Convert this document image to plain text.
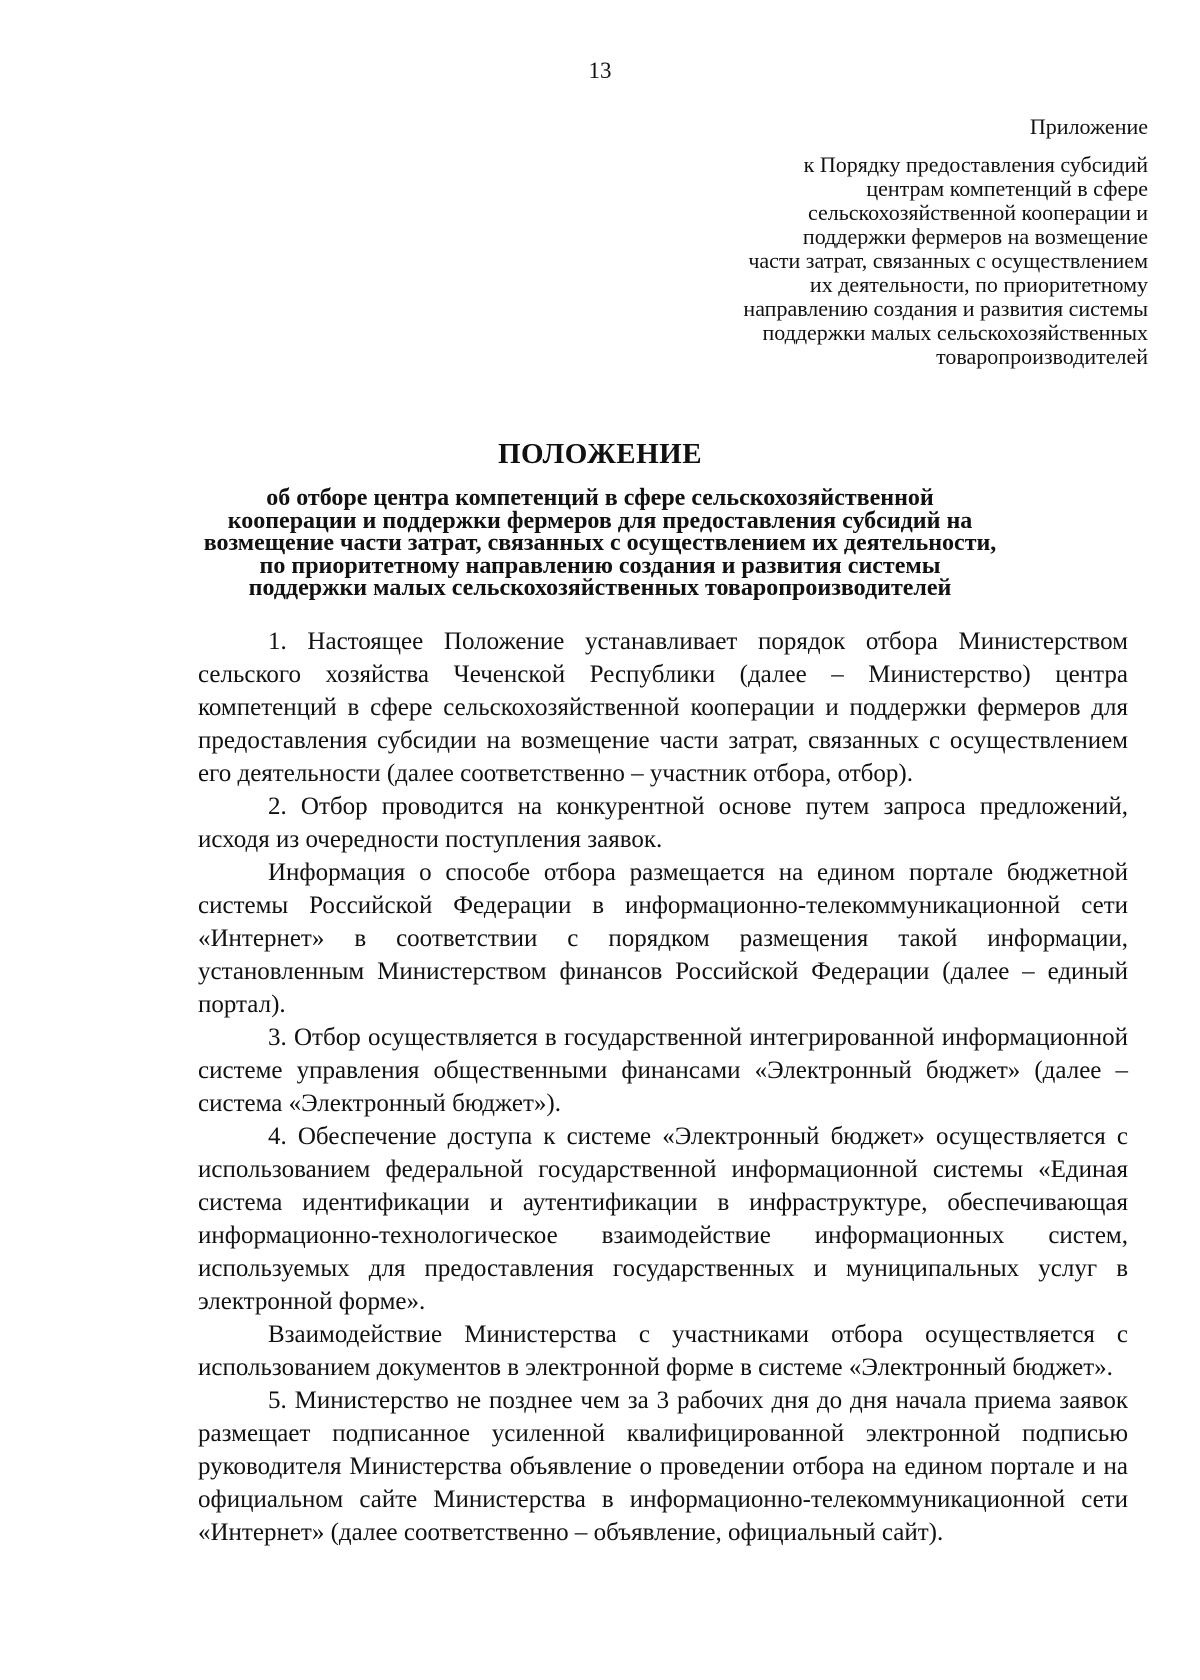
13
Приложение
к Порядку предоставления субсидий
центрам компетенций в сфере
сельскохозяйственной кооперации и
поддержки фермеров на возмещение
части затрат, связанных с осуществлением
их деятельности, по приоритетному
направлению создания и развития системы
поддержки малых сельскохозяйственных
товаропроизводителей
ПОЛОЖЕНИЕ
об отборе центра компетенций в сфере сельскохозяйственной
кооперации и поддержки фермеров для предоставления субсидий на
возмещение части затрат, связанных с осуществлением их деятельности,
по приоритетному направлению создания и развития системы
поддержки малых сельскохозяйственных товаропроизводителей

1. Настоящее Положение устанавливает порядок отбора Министерством сельского хозяйства Чеченской Республики (далее – Министерство) центра компетенций в сфере сельскохозяйственной кооперации и поддержки фермеров для предоставления субсидии на возмещение части затрат, связанных с осуществлением его деятельности (далее соответственно – участник отбора, отбор).

2. Отбор проводится на конкурентной основе путем запроса предложений, исходя из очередности поступления заявок.

Информация о способе отбора размещается на едином портале бюджетной системы Российской Федерации в информационно-телекоммуникационной сети «Интернет» в соответствии с порядком размещения такой информации, установленным Министерством финансов Российской Федерации (далее – единый портал).

3. Отбор осуществляется в государственной интегрированной информационной системе управления общественными финансами «Электронный бюджет» (далее – система «Электронный бюджет»).

4. Обеспечение доступа к системе «Электронный бюджет» осуществляется с использованием федеральной государственной информационной системы «Единая система идентификации и аутентификации в инфраструктуре, обеспечивающая информационно-технологическое взаимодействие информационных систем, используемых для предоставления государственных и муниципальных услуг в электронной форме».

Взаимодействие Министерства с участниками отбора осуществляется с использованием документов в электронной форме в системе «Электронный бюджет».

5. Министерство не позднее чем за 3 рабочих дня до дня начала приема заявок размещает подписанное усиленной квалифицированной электронной подписью руководителя Министерства объявление о проведении отбора на едином портале и на официальном сайте Министерства в информационно-телекоммуникационной сети «Интернет» (далее соответственно – объявление, официальный сайт).
